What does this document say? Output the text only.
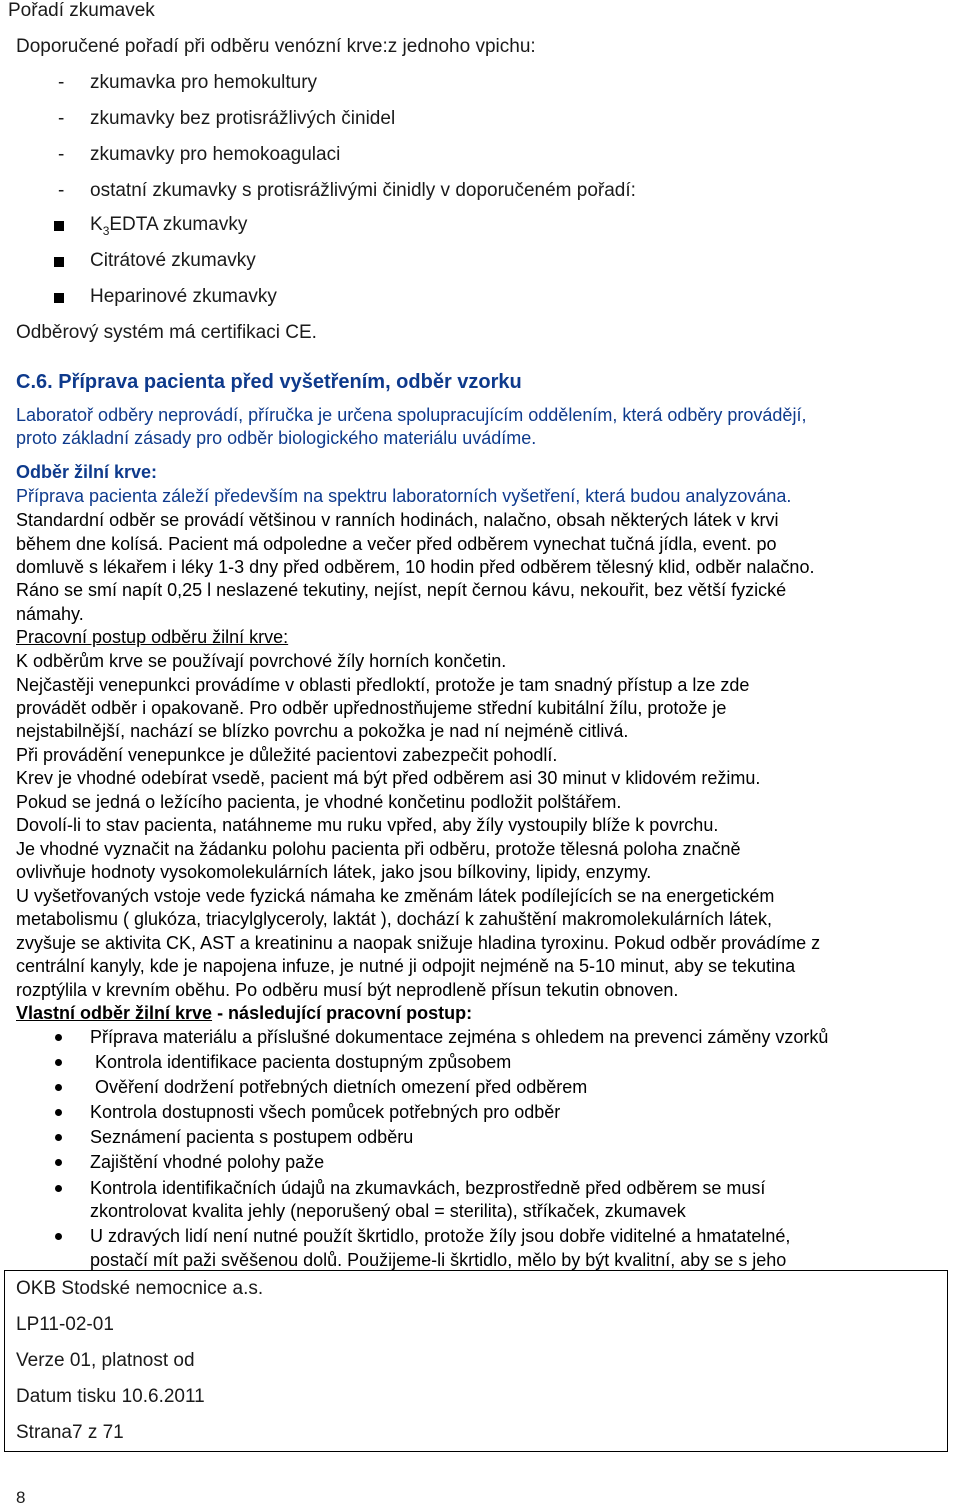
Pořadí zkumavek
Doporučené pořadí při odběru venózní krve:z jednoho vpichu:
- zkumavka pro hemokultury
- zkumavky bez protisrážlivých činidel
- zkumavky pro hemokoagulaci
- ostatní zkumavky s protisrážlivými činidly v doporučeném pořadí:
$K_3EDTA$ zkumavky
Citrátové zkumavky
Heparinové zkumavky
Odběrový systém má certifikaci CE.
C.6. Příprava pacienta před vyšetřením, odběr vzorku
Laboratoř odběry neprovádí, příručka je určena spolupracujícím oddělením, která odběry provádějí,
proto základní zásady pro odběr biologického materiálu uvádíme.
Odběr žilní krve:
Příprava pacienta záleží především na spektru laboratorních vyšetření, která budou analyzována.
Standardní odběr se provádí většinou v ranních hodinách, nalačno, obsah některých látek v krvi
během dne kolísá. Pacient má odpoledne a večer před odběrem vynechat tučná jídla, event. po
domluvě s lékařem i léky 1-3 dny před odběrem, 10 hodin před odběrem tělesný klid, odběr nalačno.
Ráno se smí napít 0,25 l neslazené tekutiny, nejíst, nepít černou kávu, nekouřit, bez větší fyzické
námahy.
Pracovní postup odběru žilní krve:
K odběrům krve se používají povrchové žíly horních končetin.
Nejčastěji venepunkci provádíme v oblasti předloktí, protože je tam snadný přístup a lze zde
provádět odběr i opakovaně. Pro odběr upřednostňujeme střední kubitální žílu, protože je
nejstabilnější, nachází se blízko povrchu a pokožka je nad ní nejméně citlivá.
Při provádění venepunkce je důležité pacientovi zabezpečit pohodlí.
Krev je vhodné odebírat vsedě, pacient má být před odběrem asi 30 minut v klidovém režimu.
Pokud se jedná o ležícího pacienta, je vhodné končetinu podložit polštářem.
Dovolí-li to stav pacienta, natáhneme mu ruku vpřed, aby žíly vystoupily blíže k povrchu.
Je vhodné vyznačit na žádanku polohu pacienta při odběru, protože tělesná poloha značně
ovlivňuje hodnoty vysokomolekulárních látek, jako jsou bílkoviny, lipidy, enzymy.
U vyšetřovaných vstoje vede fyzická námaha ke změnám látek podílejících se na energetickém
metabolismu ( glukóza, triacylglyceroly, laktát ), dochází k zahuštění makromolekulárních látek,
zvyšuje se aktivita CK, AST a kreatininu a naopak snižuje hladina tyroxinu. Pokud odběr provádíme z
centrální kanyly, kde je napojena infuze, je nutné ji odpojit nejméně na 5-10 minut, aby se tekutina
rozptýlila v krevním oběhu. Po odběru musí být neprodleně přísun tekutin obnoven.
Vlastní odběr žilní krve - následující pracovní postup:
Příprava materiálu a příslušné dokumentace zejména s ohledem na prevenci záměny vzorků
Kontrola identifikace pacienta dostupným způsobem
Ověření dodržení potřebných dietních omezení před odběrem
Kontrola dostupnosti všech pomůcek potřebných pro odběr
Seznámení pacienta s postupem odběru
Zajištění vhodné polohy paže
Kontrola identifikačních údajů na zkumavkách, bezprostředně před odběrem se musí
zkontrolovat kvalita jehly (neporušený obal = sterilita), stříkaček, zkumavek
U zdravých lidí není nutné použít škrtidlo, protože žíly jsou dobře viditelné a hmatatelné,
postačí mít paži svěšenou dolů. Použijeme-li škrtidlo, mělo by být kvalitní, aby se s jeho
OKB Stodské nemocnice a.s.
LP11-02-01
Verze 01, platnost od
Datum tisku 10.6.2011
Strana7 z 71
8
